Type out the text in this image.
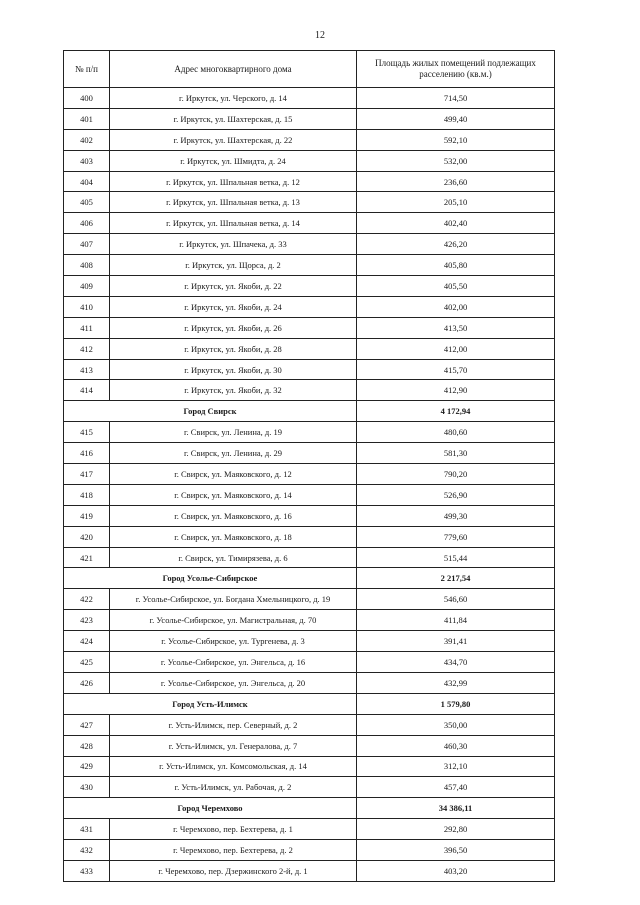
12
№ п/п	Адрес многоквартирного дома	Площадь жилых помещений подлежащих расселению (кв.м.)
400	г. Иркутск, ул. Черского, д. 14	714,50
401	г. Иркутск, ул. Шахтерская, д. 15	499,40
402	г. Иркутск, ул. Шахтерская, д. 22	592,10
403	г. Иркутск, ул. Шмидта, д. 24	532,00
404	г. Иркутск, ул. Шпальная ветка, д. 12	236,60
405	г. Иркутск, ул. Шпальная ветка, д. 13	205,10
406	г. Иркутск, ул. Шпальная ветка, д. 14	402,40
407	г. Иркутск, ул. Шпачека, д. 33	426,20
408	г. Иркутск, ул. Щорса, д. 2	405,80
409	г. Иркутск, ул. Якоби, д. 22	405,50
410	г. Иркутск, ул. Якоби, д. 24	402,00
411	г. Иркутск, ул. Якоби, д. 26	413,50
412	г. Иркутск, ул. Якоби, д. 28	412,00
413	г. Иркутск, ул. Якоби, д. 30	415,70
414	г. Иркутск, ул. Якоби, д. 32	412,90
Город Свирск		4 172,94
415	г. Свирск, ул. Ленина, д. 19	480,60
416	г. Свирск, ул. Ленина, д. 29	581,30
417	г. Свирск, ул. Маяковского, д. 12	790,20
418	г. Свирск, ул. Маяковского, д. 14	526,90
419	г. Свирск, ул. Маяковского, д. 16	499,30
420	г. Свирск, ул. Маяковского, д. 18	779,60
421	г. Свирск, ул. Тимирязева, д. 6	515,44
Город Усолье-Сибирское		2 217,54
422	г. Усолье-Сибирское, ул. Богдана Хмельницкого, д. 19	546,60
423	г. Усолье-Сибирское, ул. Магистральная, д. 70	411,84
424	г. Усолье-Сибирское, ул. Тургенева, д. 3	391,41
425	г. Усолье-Сибирское, ул. Энгельса, д. 16	434,70
426	г. Усолье-Сибирское, ул. Энгельса, д. 20	432,99
Город Усть-Илимск		1 579,80
427	г. Усть-Илимск, пер. Северный, д. 2	350,00
428	г. Усть-Илимск, ул. Генералова, д. 7	460,30
429	г. Усть-Илимск, ул. Комсомольская, д. 14	312,10
430	г. Усть-Илимск, ул. Рабочая, д. 2	457,40
Город Черемхово		34 386,11
431	г. Черемхово, пер. Бехтерева, д. 1	292,80
432	г. Черемхово, пер. Бехтерева, д. 2	396,50
433	г. Черемхово, пер. Дзержинского 2-й, д. 1	403,20
